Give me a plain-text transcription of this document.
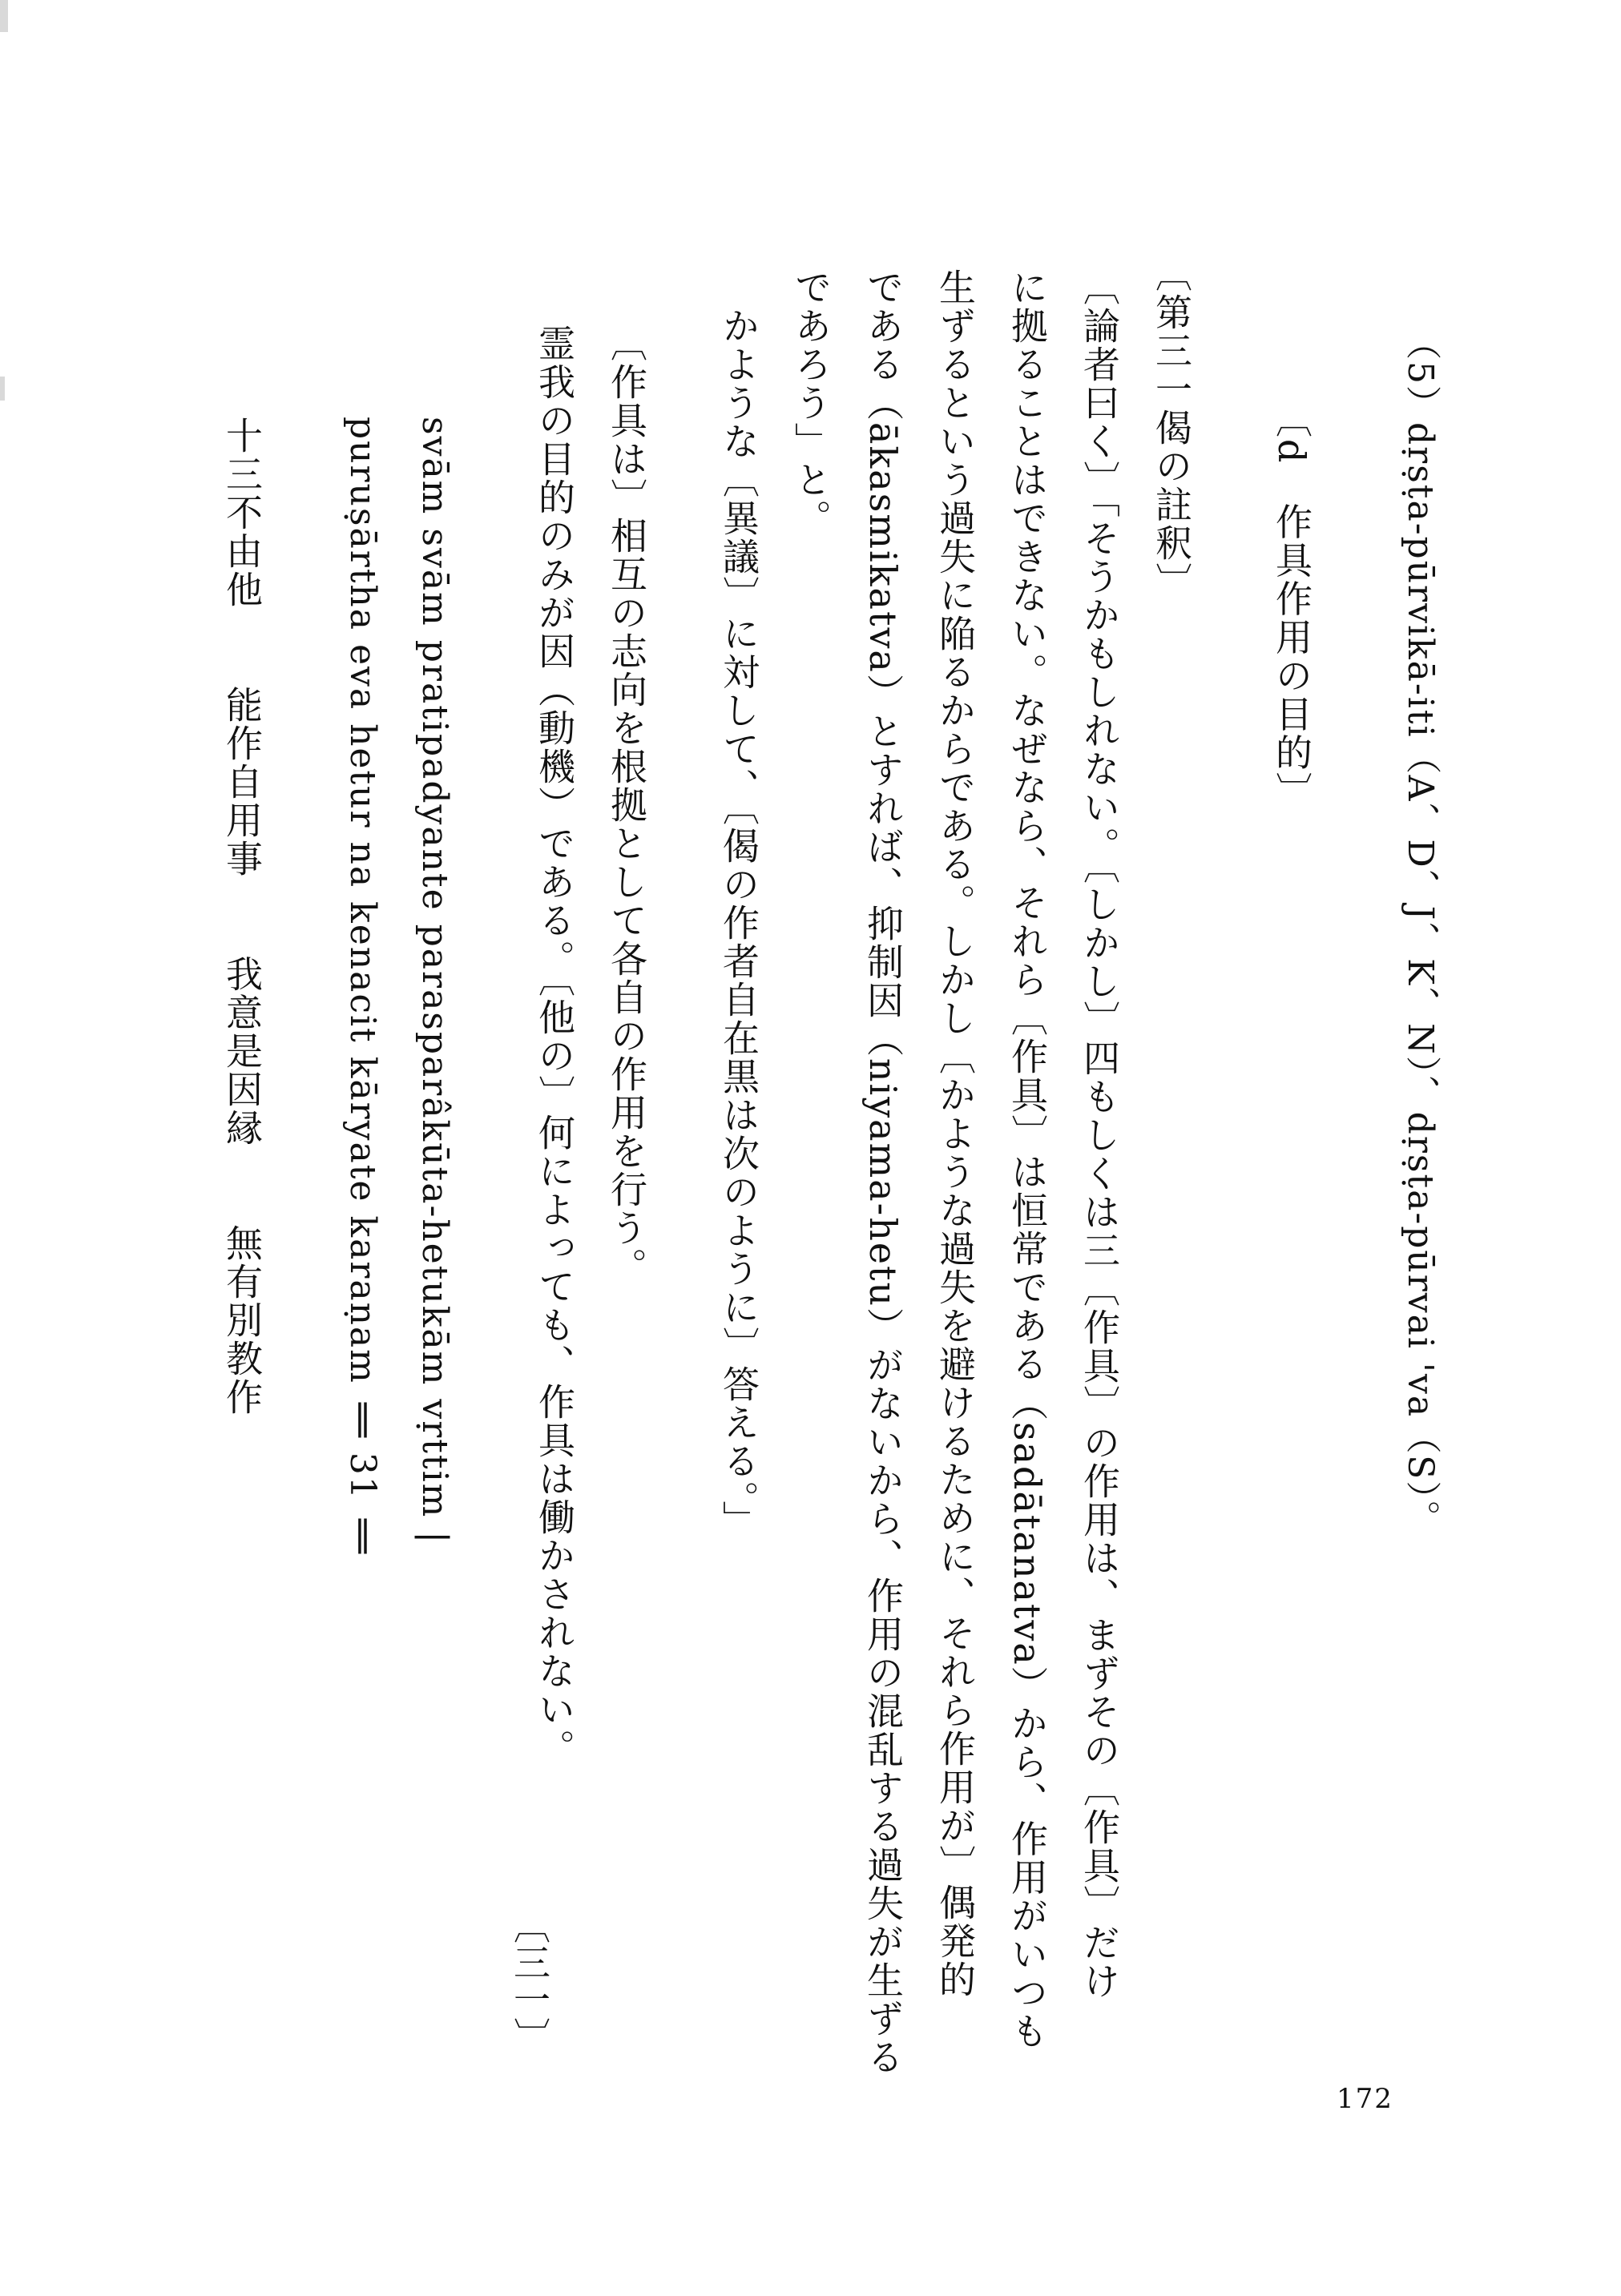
（5）dṛṣṭa-pūrvikā-iti（A、D、J、K、N）、dṛṣṭa-pūrvai 'va（S）。
〔d　作具作用の目的〕
〔第三一偈の註釈〕
〔論者曰く〕「そうかもしれない。〔しかし〕四もしくは三〔作具〕の作用は、まずその〔作具〕だけ
に拠ることはできない。なぜなら、それら〔作具〕は恒常である（sadātanatva）から、作用がいつも
生ずるという過失に陥るからである。しかし〔かような過失を避けるために、それら作用が〕偶発的
である（ākasmikatva）とすれば、抑制因（niyama-hetu）がないから、作用の混乱する過失が生ずる
であろう」と。
　かような〔異議〕に対して、〔偈の作者自在黒は次のように〕答える。」
〔作具は〕相互の志向を根拠として各自の作用を行う。
霊我の目的のみが因（動機）である。〔他の〕何によっても、作具は働かされない。
svām svām pratipadyante parasparâkūta-hetukām vṛttim |
puruṣārtha eva hetur na kenacit kāryate karaṇam ‖ 31 ‖
十三不由他　　能作自用事　　我意是因縁　　無有別教作
〔三一〕
172
